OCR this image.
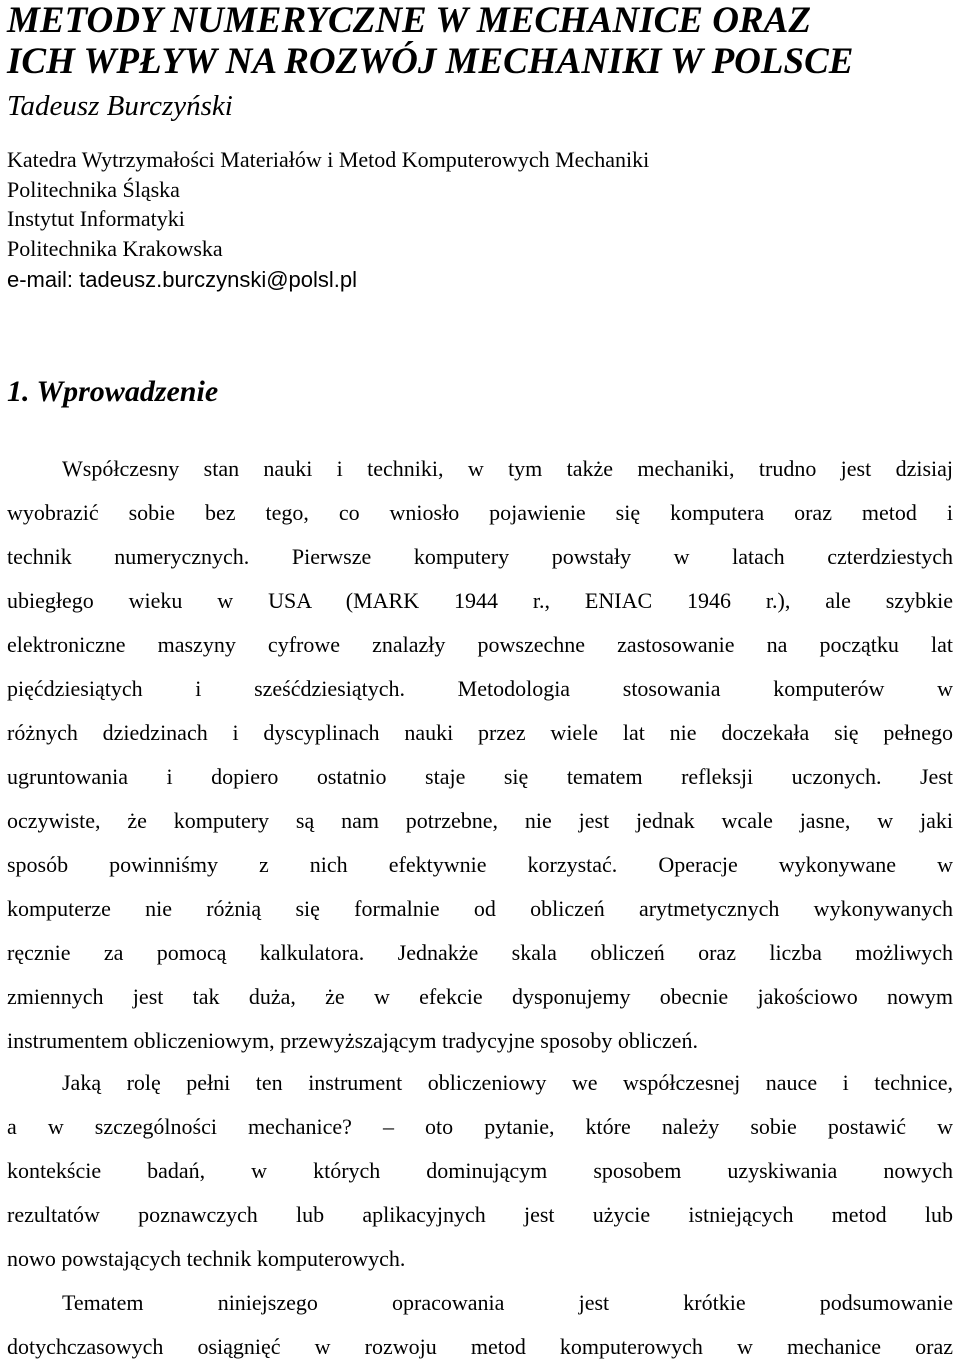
METODY NUMERYCZNE W MECHANICE ORAZ
ICH WPŁYW NA ROZWÓJ MECHANIKI W POLSCE
Tadeusz Burczyński
Katedra Wytrzymałości Materiałów i Metod Komputerowych Mechaniki
Politechnika Śląska
Instytut Informatyki
Politechnika Krakowska
e-mail: tadeusz.burczynski@polsl.pl
1. Wprowadzenie

Współczesny stan nauki i techniki, w tym także mechaniki, trudno jest dzisiaj
wyobrazić sobie bez tego, co wniosło pojawienie się komputera oraz metod i
technik numerycznych. Pierwsze komputery powstały w latach czterdziestych
ubiegłego wieku w USA (MARK 1944 r., ENIAC 1946 r.), ale szybkie
elektroniczne maszyny cyfrowe znalazły powszechne zastosowanie na początku lat
pięćdziesiątych i sześćdziesiątych. Metodologia stosowania komputerów w
różnych dziedzinach i dyscyplinach nauki przez wiele lat nie doczekała się pełnego
ugruntowania i dopiero ostatnio staje się tematem refleksji uczonych. Jest
oczywiste, że komputery są nam potrzebne, nie jest jednak wcale jasne, w jaki
sposób powinniśmy z nich efektywnie korzystać. Operacje wykonywane w
komputerze nie różnią się formalnie od obliczeń arytmetycznych wykonywanych
ręcznie za pomocą kalkulatora. Jednakże skala obliczeń oraz liczba możliwych
zmiennych jest tak duża, że w efekcie dysponujemy obecnie jakościowo nowym
instrumentem obliczeniowym, przewyższającym tradycyjne sposoby obliczeń.

Jaką rolę pełni ten instrument obliczeniowy we współczesnej nauce i technice,
a w szczególności mechanice? – oto pytanie, które należy sobie postawić w
kontekście badań, w których dominującym sposobem uzyskiwania nowych
rezultatów poznawczych lub aplikacyjnych jest użycie istniejących metod lub
nowo powstających technik komputerowych.

Tematem niniejszego opracowania jest krótkie podsumowanie
dotychczasowych osiągnięć w rozwoju metod komputerowych w mechanice oraz
